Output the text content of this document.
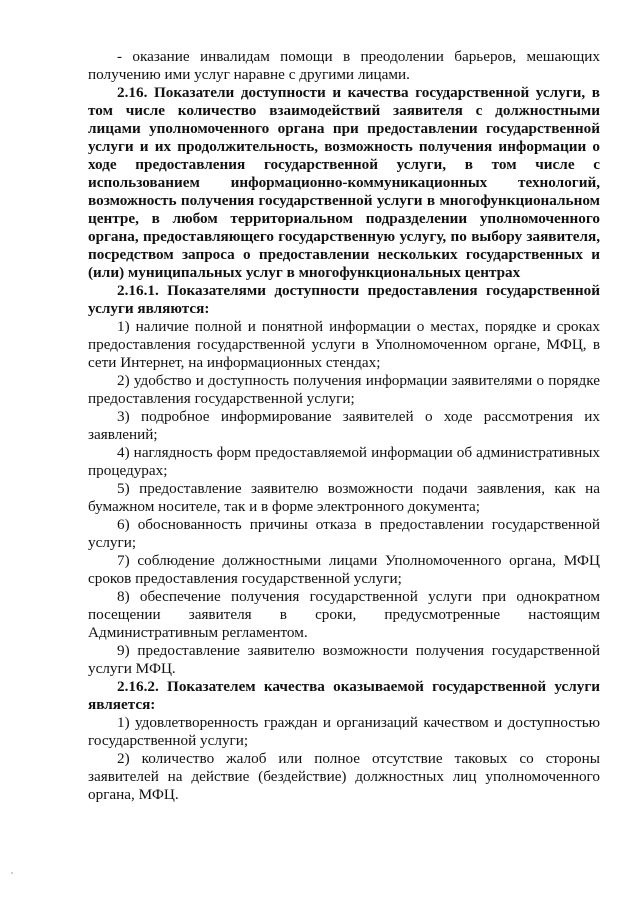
- оказание инвалидам помощи в преодолении барьеров, мешающих получению ими услуг наравне с другими лицами.

2.16. Показатели доступности и качества государственной услуги, в том числе количество взаимодействий заявителя с должностными лицами уполномоченного органа при предоставлении государственной услуги и их продолжительность, возможность получения информации о ходе предоставления государственной услуги, в том числе с использованием информационно-коммуникационных технологий, возможность получения государственной услуги в многофункциональном центре, в любом территориальном подразделении уполномоченного органа, предоставляющего государственную услугу, по выбору заявителя, посредством запроса о предоставлении нескольких государственных и (или) муниципальных услуг в многофункциональных центрах

2.16.1. Показателями доступности предоставления государственной услуги являются:

1) наличие полной и понятной информации о местах, порядке и сроках предоставления государственной услуги в Уполномоченном органе, МФЦ, в сети Интернет, на информационных стендах;

2) удобство и доступность получения информации заявителями о порядке предоставления государственной услуги;

3) подробное информирование заявителей о ходе рассмотрения их заявлений;

4) наглядность форм предоставляемой информации об административных процедурах;

5) предоставление заявителю возможности подачи заявления, как на бумажном носителе, так и в форме электронного документа;

6) обоснованность причины отказа в предоставлении государственной услуги;

7) соблюдение должностными лицами Уполномоченного органа, МФЦ сроков предоставления государственной услуги;

8) обеспечение получения государственной услуги при однократном посещении заявителя в сроки, предусмотренные настоящим Административным регламентом.

9) предоставление заявителю возможности получения государственной услуги МФЦ.

2.16.2. Показателем качества оказываемой государственной услуги является:

1) удовлетворенность граждан и организаций качеством и доступностью государственной услуги;

2) количество жалоб или полное отсутствие таковых со стороны заявителей на действие (бездействие) должностных лиц уполномоченного органа, МФЦ.
